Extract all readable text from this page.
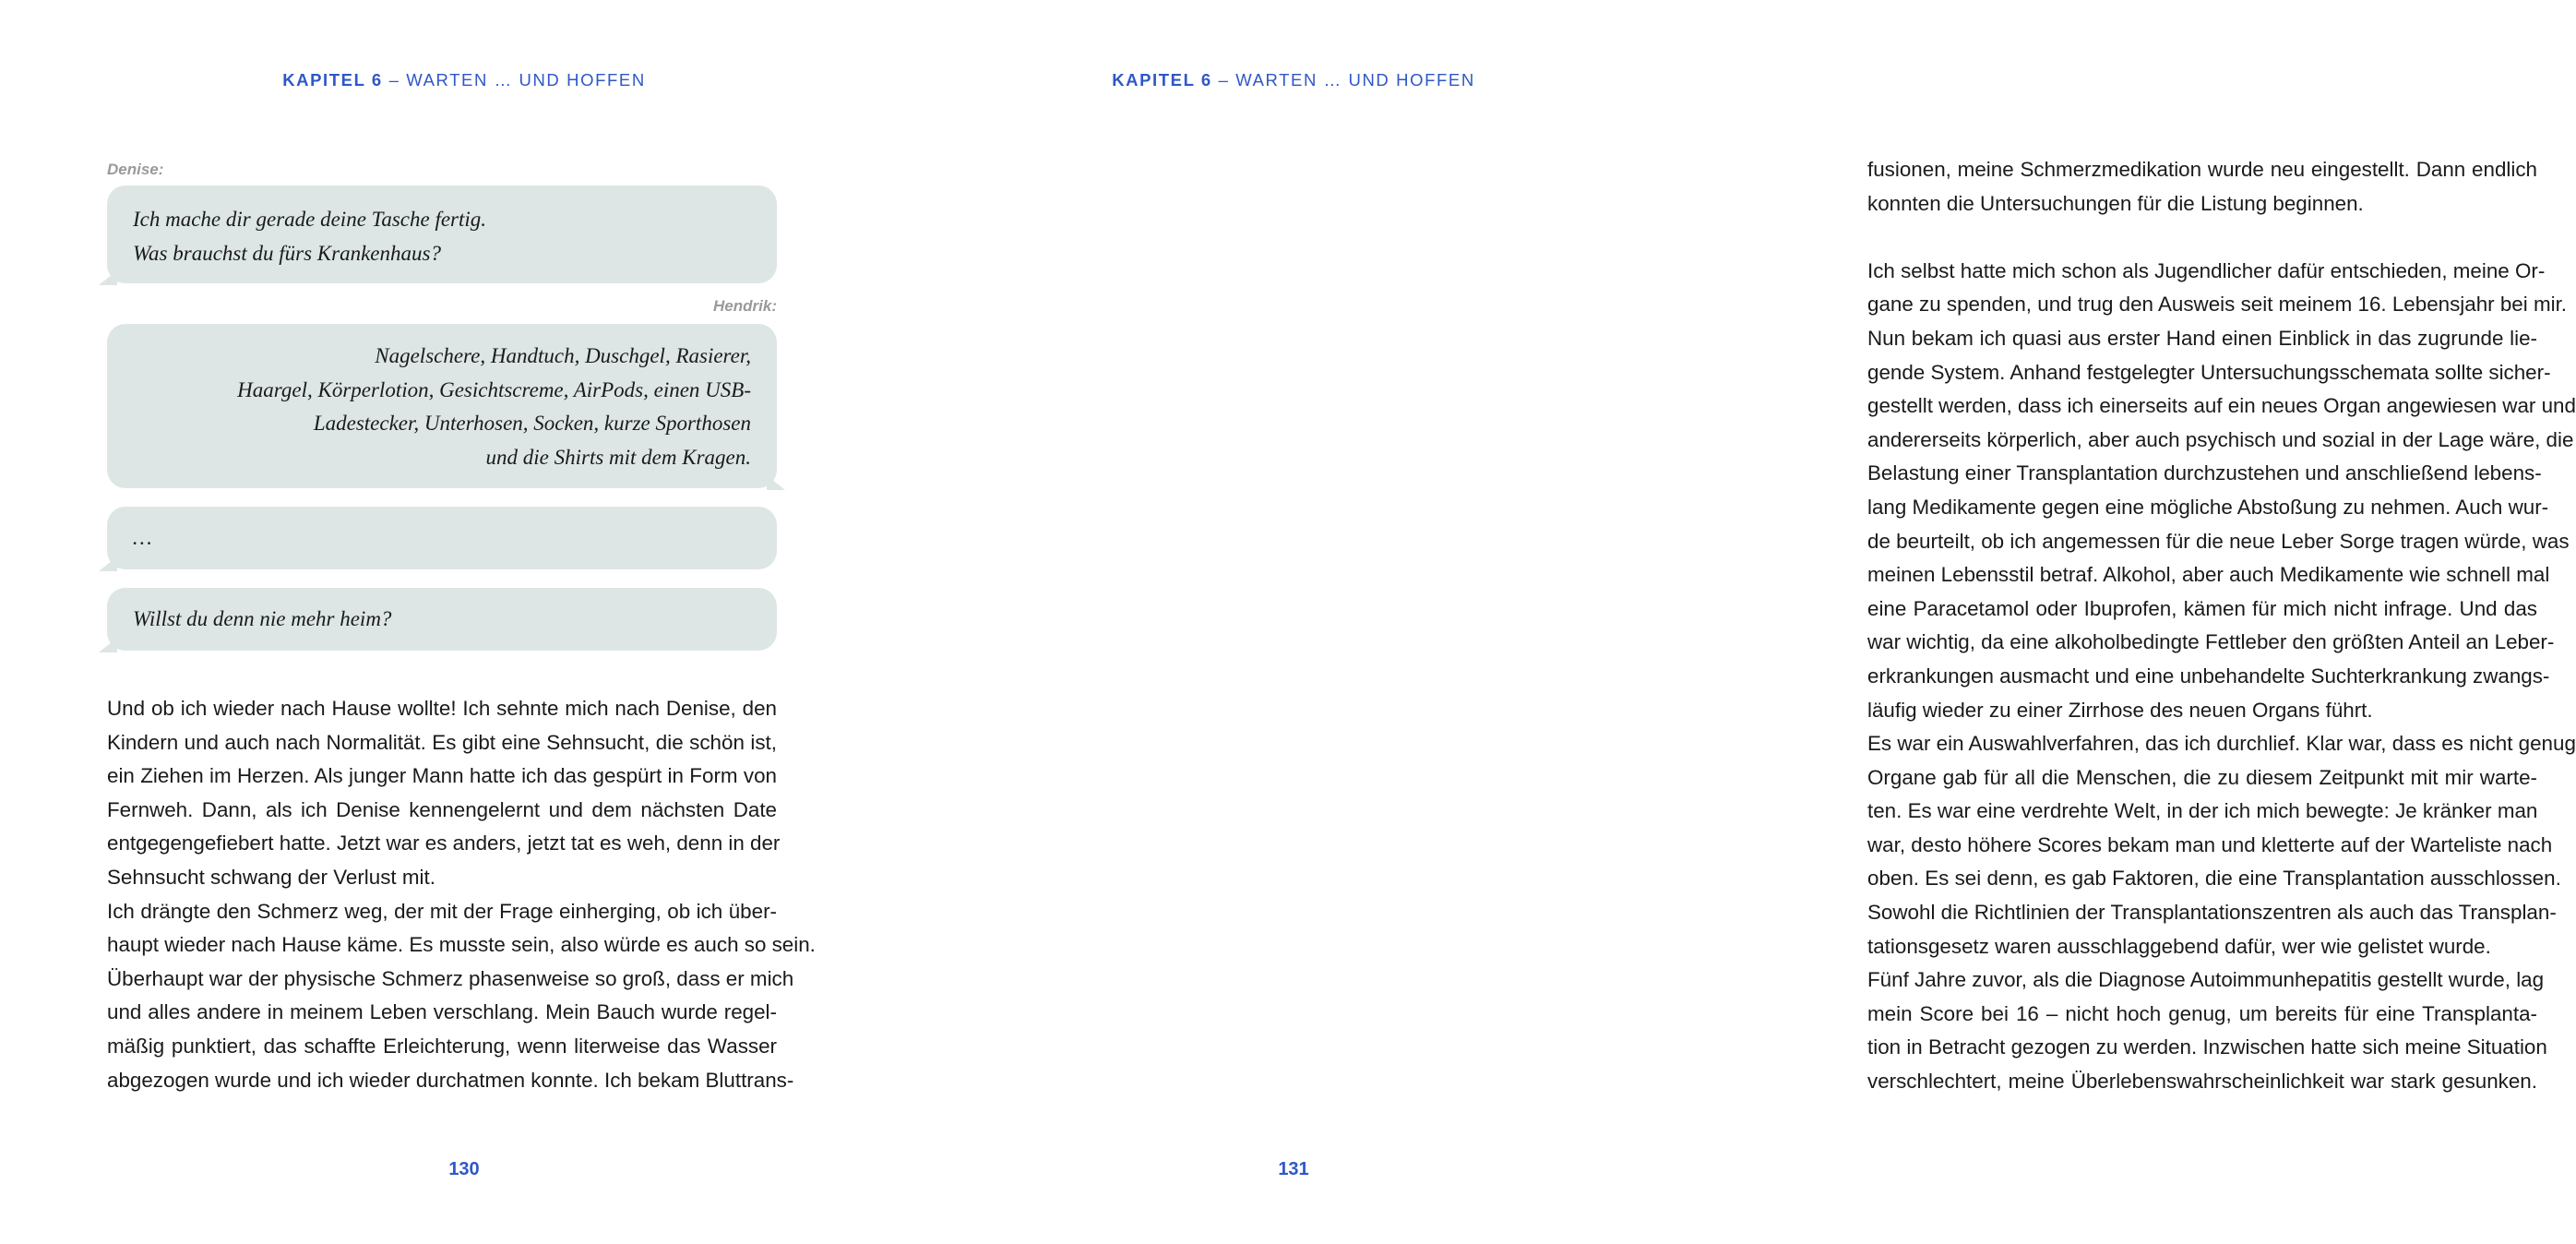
KAPITEL 6 – WARTEN … UND HOFFEN
Denise:
Ich mache dir gerade deine Tasche fertig.
Was brauchst du fürs Krankenhaus?
Hendrik:
Nagelschere, Handtuch, Duschgel, Rasierer,
Haargel, Körperlotion, Gesichtscreme, AirPods, einen USB-
Ladestecker, Unterhosen, Socken, kurze Sporthosen
und die Shirts mit dem Kragen.
…
Willst du denn nie mehr heim?
Und ob ich wieder nach Hause wollte! Ich sehnte mich nach Denise, den
Kindern und auch nach Normalität. Es gibt eine Sehnsucht, die schön ist,
ein Ziehen im Herzen. Als junger Mann hatte ich das gespürt in Form von
Fernweh. Dann, als ich Denise kennengelernt und dem nächsten Date
entgegengefiebert hatte. Jetzt war es anders, jetzt tat es weh, denn in der
Sehnsucht schwang der Verlust mit.
Ich drängte den Schmerz weg, der mit der Frage einherging, ob ich über-
haupt wieder nach Hause käme. Es musste sein, also würde es auch so sein.
Überhaupt war der physische Schmerz phasenweise so groß, dass er mich
und alles andere in meinem Leben verschlang. Mein Bauch wurde regel-
mäßig punktiert, das schaffte Erleichterung, wenn literweise das Wasser
abgezogen wurde und ich wieder durchatmen konnte. Ich bekam Bluttrans-
130
KAPITEL 6 – WARTEN … UND HOFFEN
fusionen, meine Schmerzmedikation wurde neu eingestellt. Dann endlich
konnten die Untersuchungen für die Listung beginnen.
Ich selbst hatte mich schon als Jugendlicher dafür entschieden, meine Or-
gane zu spenden, und trug den Ausweis seit meinem 16. Lebensjahr bei mir.
Nun bekam ich quasi aus erster Hand einen Einblick in das zugrunde lie-
gende System. Anhand festgelegter Untersuchungsschemata sollte sicher-
gestellt werden, dass ich einerseits auf ein neues Organ angewiesen war und
andererseits körperlich, aber auch psychisch und sozial in der Lage wäre, die
Belastung einer Transplantation durchzustehen und anschließend lebens-
lang Medikamente gegen eine mögliche Abstoßung zu nehmen. Auch wur-
de beurteilt, ob ich angemessen für die neue Leber Sorge tragen würde, was
meinen Lebensstil betraf. Alkohol, aber auch Medikamente wie schnell mal
eine Paracetamol oder Ibuprofen, kämen für mich nicht infrage. Und das
war wichtig, da eine alkoholbedingte Fettleber den größten Anteil an Leber-
erkrankungen ausmacht und eine unbehandelte Suchterkrankung zwangs-
läufig wieder zu einer Zirrhose des neuen Organs führt.
Es war ein Auswahlverfahren, das ich durchlief. Klar war, dass es nicht genug
Organe gab für all die Menschen, die zu diesem Zeitpunkt mit mir warte-
ten. Es war eine verdrehte Welt, in der ich mich bewegte: Je kränker man
war, desto höhere Scores bekam man und kletterte auf der Warteliste nach
oben. Es sei denn, es gab Faktoren, die eine Transplantation ausschlossen.
Sowohl die Richtlinien der Transplantationszentren als auch das Transplan-
tationsgesetz waren ausschlaggebend dafür, wer wie gelistet wurde.
Fünf Jahre zuvor, als die Diagnose Autoimmunhepatitis gestellt wurde, lag
mein Score bei 16 – nicht hoch genug, um bereits für eine Transplanta-
tion in Betracht gezogen zu werden. Inzwischen hatte sich meine Situation
verschlechtert, meine Überlebenswahrscheinlichkeit war stark gesunken.
131
